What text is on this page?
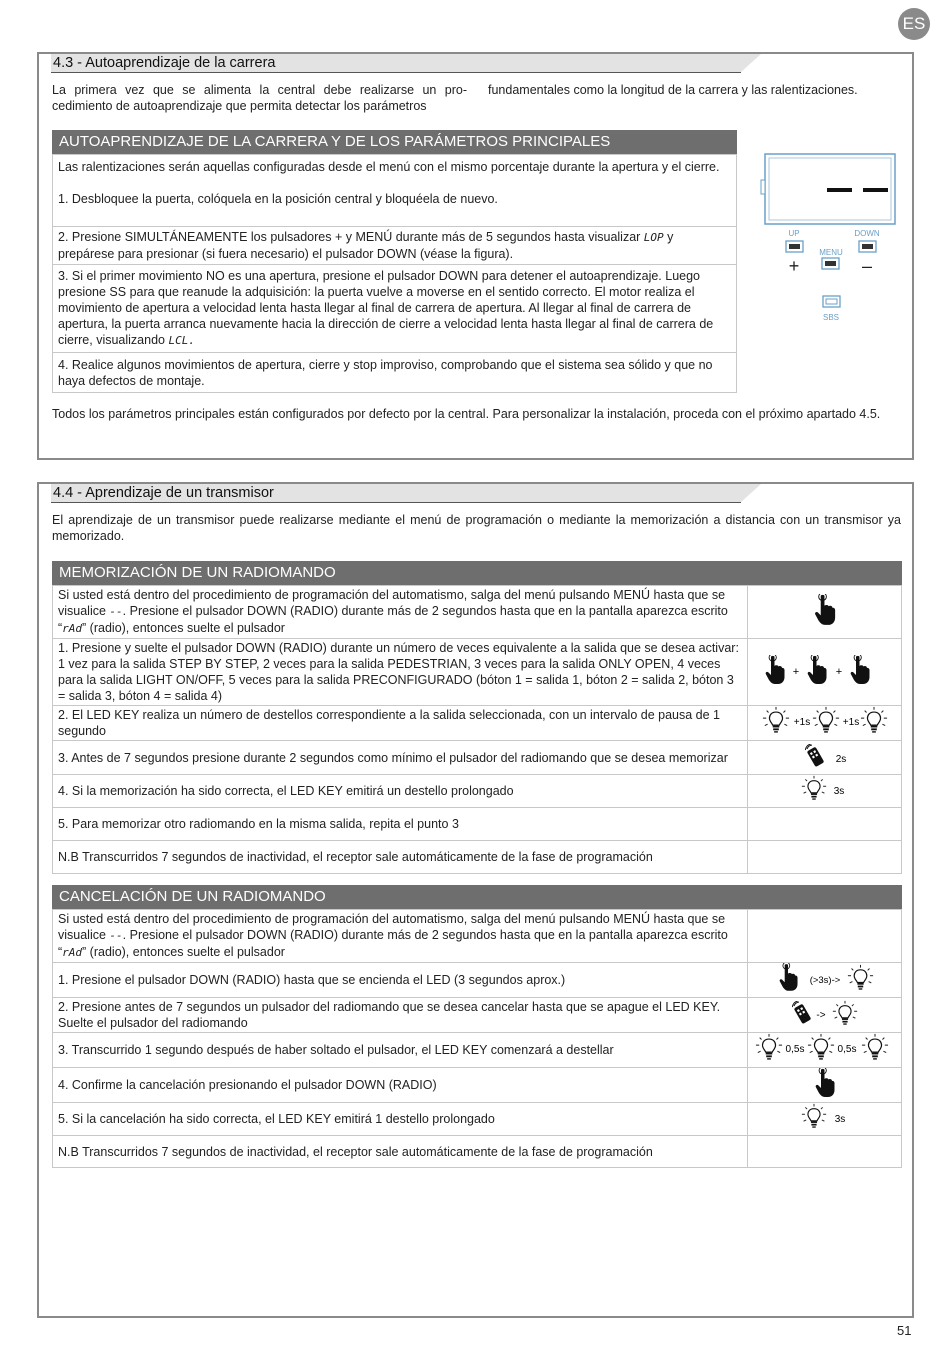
ES
4.3 - Autoaprendizaje de la carrera
La primera vez que se alimenta la central debe realizarse un pro-cedimiento de autoaprendizaje que permita detectar los parámetros
fundamentales como la longitud de la carrera y las ralentizaciones.
AUTOAPRENDIZAJE DE LA CARRERA Y DE LOS PARÁMETROS PRINCIPALES
Las ralentizaciones serán aquellas configuradas desde el menú con el mismo porcentaje durante la apertura y el cierre.
1. Desbloquee la puerta, colóquela en la posición central y bloquéela de nuevo.

2. Presione SIMULTÁNEAMENTE los pulsadores + y MENÚ durante más de 5 segundos hasta visualizar LOP y prepárese para presionar (si fuera necesario) el pulsador DOWN (véase la figura).
3. Si el primer movimiento NO es una apertura, presione el pulsador DOWN para detener el autoaprendizaje. Luego presione SS para que reanude la adquisición: la puerta vuelve a moverse en el sentido correcto. El motor realiza el movimiento de apertura a velocidad lenta hasta llegar al final de carrera de apertura. Al llegar al final de carrera de apertura, la puerta arranca nuevamente hacia la dirección de cierre a velocidad lenta hasta llegar al final de carrera de cierre, visualizando LCL.
4. Realice algunos movimientos de apertura, cierre y stop improviso, comprobando que el sistema sea sólido y que no haya defectos de montaje.
UP	DOWN
MENU
+	–
SBS
Todos los parámetros principales están configurados por defecto por la central. Para personalizar la instalación, proceda con el próximo apartado 4.5.
4.4 - Aprendizaje de un transmisor
El aprendizaje de un transmisor puede realizarse mediante el menú de programación o mediante la memorización a distancia con un transmisor ya memorizado.
MEMORIZACIÓN DE UN RADIOMANDO
Si usted está dentro del procedimiento de programación del automatismo, salga del menú pulsando MENÚ hasta que se visualice --. Presione el pulsador DOWN (RADIO) durante más de 2 segundos hasta que en la pantalla aparezca escrito “rAd” (radio), entonces suelte el pulsador	
1. Presione y suelte el pulsador DOWN (RADIO) durante un número de veces equivalente a la salida que se desea activar: 1 vez para la salida STEP BY STEP, 2 veces para la salida PEDESTRIAN, 3 veces para la salida ONLY OPEN, 4 veces para la salida LIGHT ON/OFF, 5 veces para la salida PRECONFIGURADO (bóton 1 = salida 1, bóton 2 = salida 2, bóton 3 = salida 3, bóton 4 = salida 4)	+ +

2. El LED KEY realiza un número de destellos correspondiente a la salida seleccionada, con un intervalo de pausa de 1 segundo	+1s +1s

3. Antes de 7 segundos presione durante 2 segundos como mínimo el pulsador del radiomando que se desea memorizar	2s

4. Si la memorización ha sido correcta, el LED KEY emitirá un destello prolongado	3s

5. Para memorizar otro radiomando en la misma salida, repita el punto 3	
N.B Transcurridos 7 segundos de inactividad, el receptor sale automáticamente de la fase de programación	
CANCELACIÓN DE UN RADIOMANDO
Si usted está dentro del procedimiento de programación del automatismo, salga del menú pulsando MENÚ hasta que se visualice --. Presione el pulsador DOWN (RADIO) durante más de 2 segundos hasta que en la pantalla aparezca escrito “rAd” (radio), entonces suelte el pulsador	
1. Presione el pulsador DOWN (RADIO) hasta que se encienda el LED (3 segundos aprox.)	(>3s)->

2. Presione antes de 7 segundos un pulsador del radiomando que se desea cancelar hasta que se apague el LED KEY. Suelte el pulsador del radiomando	->

3. Transcurrido 1 segundo después de haber soltado el pulsador, el LED KEY comenzará a destellar	0,5s 0,5s

4. Confirme la cancelación presionando el pulsador DOWN (RADIO)	
5. Si la cancelación ha sido correcta, el LED KEY emitirá 1 destello prolongado	3s

N.B Transcurridos 7 segundos de inactividad, el receptor sale automáticamente de la fase de programación	
51
